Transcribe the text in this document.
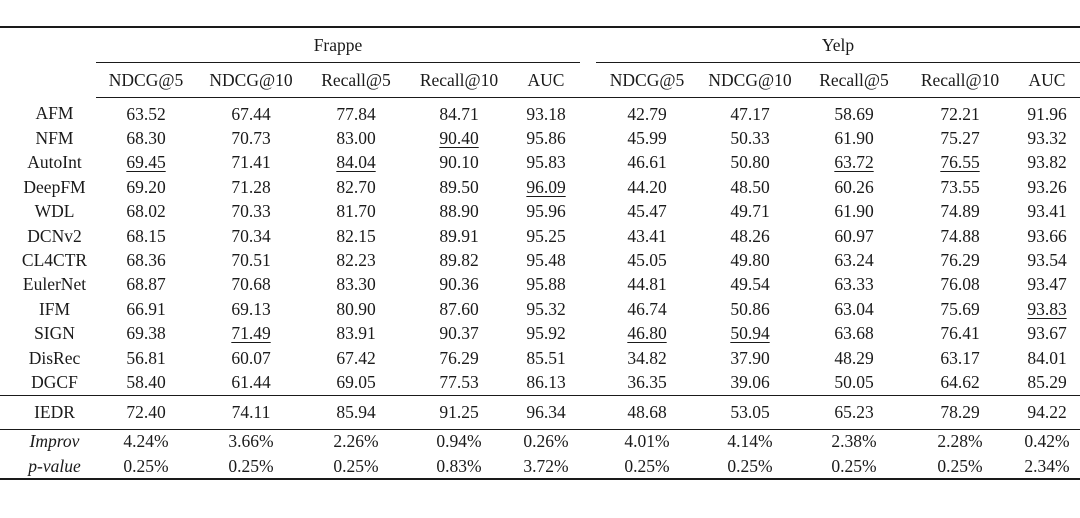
	Frappe						Yelp				
	NDCG@5	NDCG@10	Recall@5	Recall@10	AUC		NDCG@5	NDCG@10	Recall@5	Recall@10	AUC
AFM	63.52	67.44	77.84	84.71	93.18		42.79	47.17	58.69	72.21	91.96
NFM	68.30	70.73	83.00	90.40	95.86		45.99	50.33	61.90	75.27	93.32
AutoInt	69.45	71.41	84.04	90.10	95.83		46.61	50.80	63.72	76.55	93.82
DeepFM	69.20	71.28	82.70	89.50	96.09		44.20	48.50	60.26	73.55	93.26
WDL	68.02	70.33	81.70	88.90	95.96		45.47	49.71	61.90	74.89	93.41
DCNv2	68.15	70.34	82.15	89.91	95.25		43.41	48.26	60.97	74.88	93.66
CL4CTR	68.36	70.51	82.23	89.82	95.48		45.05	49.80	63.24	76.29	93.54
EulerNet	68.87	70.68	83.30	90.36	95.88		44.81	49.54	63.33	76.08	93.47
IFM	66.91	69.13	80.90	87.60	95.32		46.74	50.86	63.04	75.69	93.83
SIGN	69.38	71.49	83.91	90.37	95.92		46.80	50.94	63.68	76.41	93.67
DisRec	56.81	60.07	67.42	76.29	85.51		34.82	37.90	48.29	63.17	84.01
DGCF	58.40	61.44	69.05	77.53	86.13		36.35	39.06	50.05	64.62	85.29
IEDR	72.40	74.11	85.94	91.25	96.34		48.68	53.05	65.23	78.29	94.22
Improv	4.24%	3.66%	2.26%	0.94%	0.26%		4.01%	4.14%	2.38%	2.28%	0.42%
p-value	0.25%	0.25%	0.25%	0.83%	3.72%		0.25%	0.25%	0.25%	0.25%	2.34%
